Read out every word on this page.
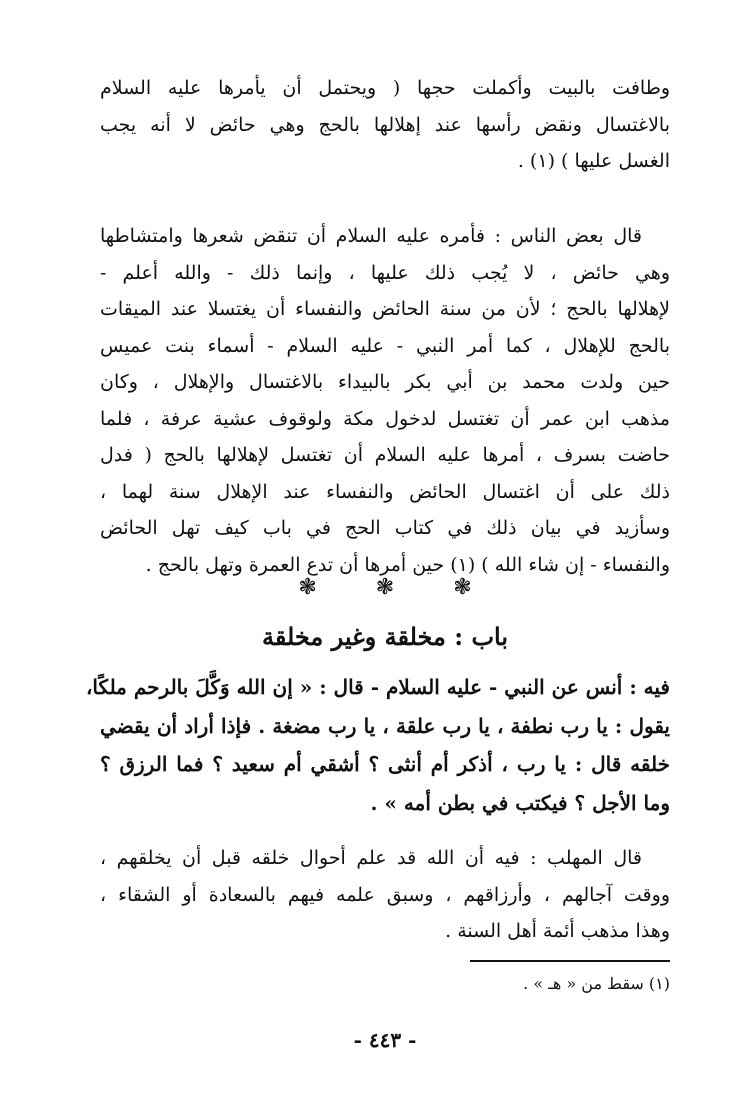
وطافت بالبيت وأكملت حجها ( ويحتمل أن يأمرها عليه السلام
بالاغتسال ونقض رأسها عند إهلالها بالحج وهي حائض لا أنه يجب
الغسل عليها ) (١) .

قال بعض الناس : فأمره عليه السلام أن تنقض شعرها وامتشاطها
وهي حائض ، لا يُجب ذلك عليها ، وإنما ذلك - والله أعلم -
لإهلالها بالحج ؛ لأن من سنة الحائض والنفساء أن يغتسلا عند الميقات
بالحج للإهلال ، كما أمر النبي - عليه السلام - أسماء بنت عميس
حين ولدت محمد بن أبي بكر بالبيداء بالاغتسال والإهلال ، وكان
مذهب ابن عمر أن تغتسل لدخول مكة ولوقوف عشية عرفة ، فلما
حاضت بسرف ، أمرها عليه السلام أن تغتسل لإهلالها بالحج ( فدل
ذلك على أن اغتسال الحائض والنفساء عند الإهلال سنة لهما ،
وسأزيد في بيان ذلك في كتاب الحج في باب كيف تهل الحائض
والنفساء - إن شاء الله ) (١) حين أمرها أن تدع العمرة وتهل بالحج .

❃	❃	❃
باب : مخلقة وغير مخلقة

فيه : أنس عن النبي - عليه السلام - قال : « إن الله وَكَّلَ بالرحم ملكًا،
يقول : يا رب نطفة ، يا رب علقة ، يا رب مضغة . فإذا أراد أن يقضي
خلقه قال : يا رب ، أذكر أم أنثى ؟ أشقي أم سعيد ؟ فما الرزق ؟
وما الأجل ؟ فيكتب في بطن أمه » .

قال المهلب : فيه أن الله قد علم أحوال خلقه قبل أن يخلقهم ،
ووقت آجالهم ، وأرزاقهم ، وسبق علمه فيهم بالسعادة أو الشقاء ،
وهذا مذهب أئمة أهل السنة .

(١) سقط من « هـ » .
- ٤٤٣ -
